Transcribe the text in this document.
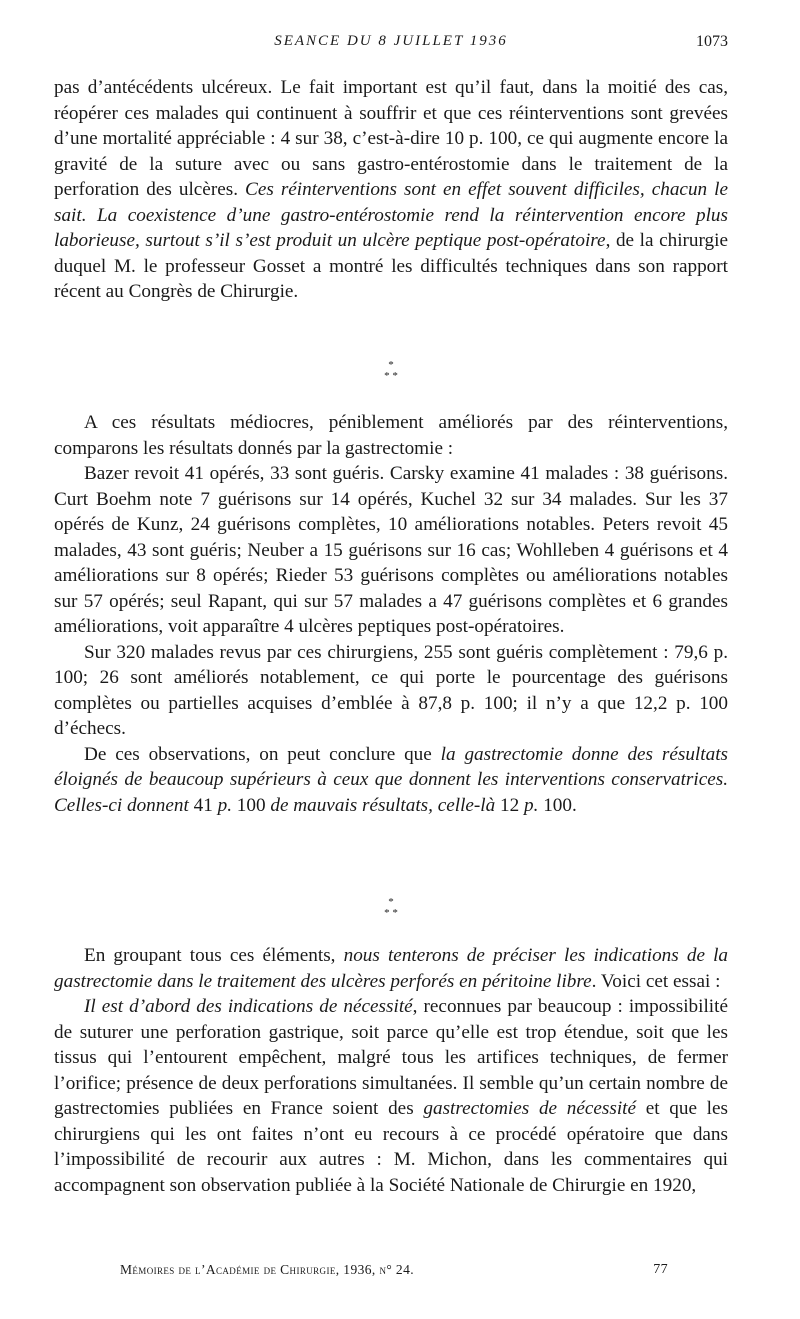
SEANCE DU 8 JUILLET 1936	1073

pas d’antécédents ulcéreux. Le fait important est qu’il faut, dans la moitié des cas, réopérer ces malades qui continuent à souffrir et que ces réinterventions sont grevées d’une mortalité appréciable : 4 sur 38, c’est-à-dire 10 p. 100, ce qui augmente encore la gravité de la suture avec ou sans gastro-entérostomie dans le traitement de la perforation des ulcères. Ces réinterventions sont en effet souvent difficiles, chacun le sait. La coexistence d’une gastro-entérostomie rend la réintervention encore plus laborieuse, surtout s’il s’est produit un ulcère peptique post-opératoire, de la chirurgie duquel M. le professeur Gosset a montré les difficultés techniques dans son rapport récent au Congrès de Chirurgie.

*
* *

A ces résultats médiocres, péniblement améliorés par des réinterventions, comparons les résultats donnés par la gastrectomie :

Bazer revoit 41 opérés, 33 sont guéris. Carsky examine 41 malades : 38 guérisons. Curt Boehm note 7 guérisons sur 14 opérés, Kuchel 32 sur 34 malades. Sur les 37 opérés de Kunz, 24 guérisons complètes, 10 améliorations notables. Peters revoit 45 malades, 43 sont guéris; Neuber a 15 guérisons sur 16 cas; Wohlleben 4 guérisons et 4 améliorations sur 8 opérés; Rieder 53 guérisons complètes ou améliorations notables sur 57 opérés; seul Rapant, qui sur 57 malades a 47 guérisons complètes et 6 grandes améliorations, voit apparaître 4 ulcères peptiques post-opératoires.

Sur 320 malades revus par ces chirurgiens, 255 sont guéris complètement : 79,6 p. 100; 26 sont améliorés notablement, ce qui porte le pourcentage des guérisons complètes ou partielles acquises d’emblée à 87,8 p. 100; il n’y a que 12,2 p. 100 d’échecs.

De ces observations, on peut conclure que la gastrectomie donne des résultats éloignés de beaucoup supérieurs à ceux que donnent les interventions conservatrices. Celles-ci donnent 41 p. 100 de mauvais résultats, celle-là 12 p. 100.

*
* *

En groupant tous ces éléments, nous tenterons de préciser les indications de la gastrectomie dans le traitement des ulcères perforés en péritoine libre. Voici cet essai :

Il est d’abord des indications de nécessité, reconnues par beaucoup : impossibilité de suturer une perforation gastrique, soit parce qu’elle est trop étendue, soit que les tissus qui l’entourent empêchent, malgré tous les artifices techniques, de fermer l’orifice; présence de deux perforations simultanées. Il semble qu’un certain nombre de gastrectomies publiées en France soient des gastrectomies de nécessité et que les chirurgiens qui les ont faites n’ont eu recours à ce procédé opératoire que dans l’impossibilité de recourir aux autres : M. Michon, dans les commentaires qui accompagnent son observation publiée à la Société Nationale de Chirurgie en 1920,

Mémoires de l’Académie de Chirurgie, 1936, n° 24.	77
